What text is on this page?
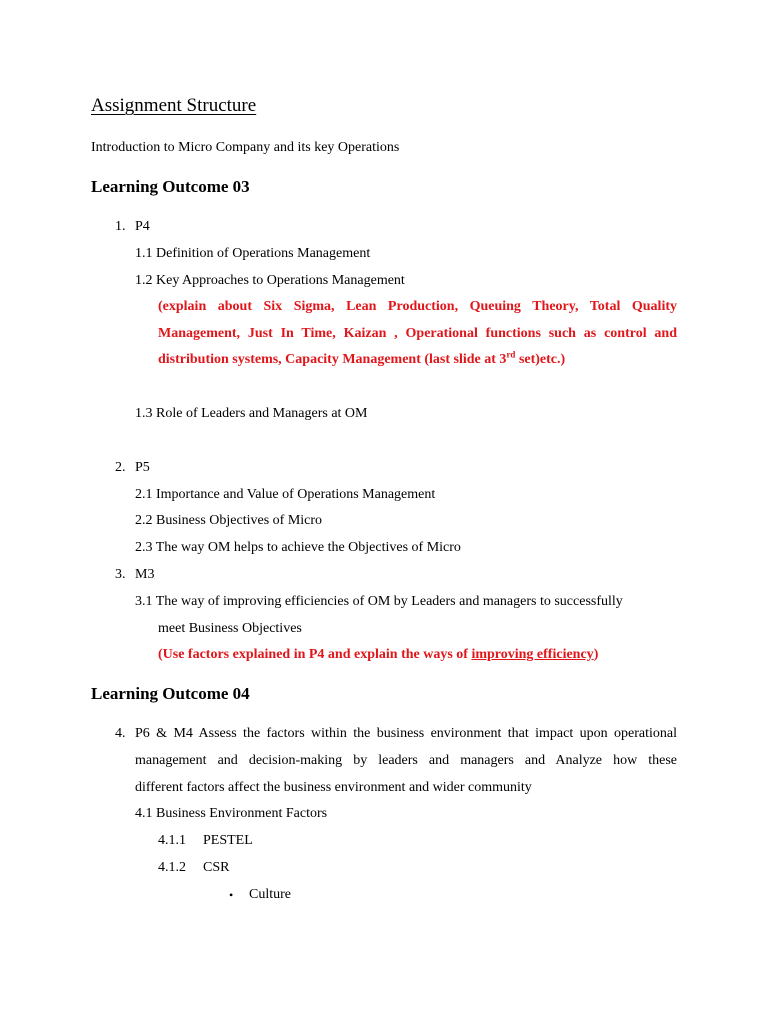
Assignment Structure
Introduction to Micro Company and its key Operations
Learning Outcome 03
1. P4
1.1 Definition of Operations Management
1.2 Key Approaches to Operations Management
(explain about Six Sigma, Lean Production, Queuing Theory, Total Quality
Management, Just In Time, Kaizan , Operational functions such as control and
distribution systems, Capacity Management (last slide at 3rd set)etc.)
1.3 Role of Leaders and Managers at OM
2. P5
2.1 Importance and Value of Operations Management
2.2 Business Objectives of Micro
2.3 The way OM helps to achieve the Objectives of Micro
3. M3
3.1 The way of improving efficiencies of OM by Leaders and managers to successfully
meet Business Objectives
(Use factors explained in P4 and explain the ways of improving efficiency)
Learning Outcome 04
4. P6 & M4 Assess the factors within the business environment that impact upon operational
management and decision-making by leaders and managers and Analyze how these
different factors affect the business environment and wider community
4.1 Business Environment Factors
4.1.1 PESTEL
4.1.2 CSR
• Culture
